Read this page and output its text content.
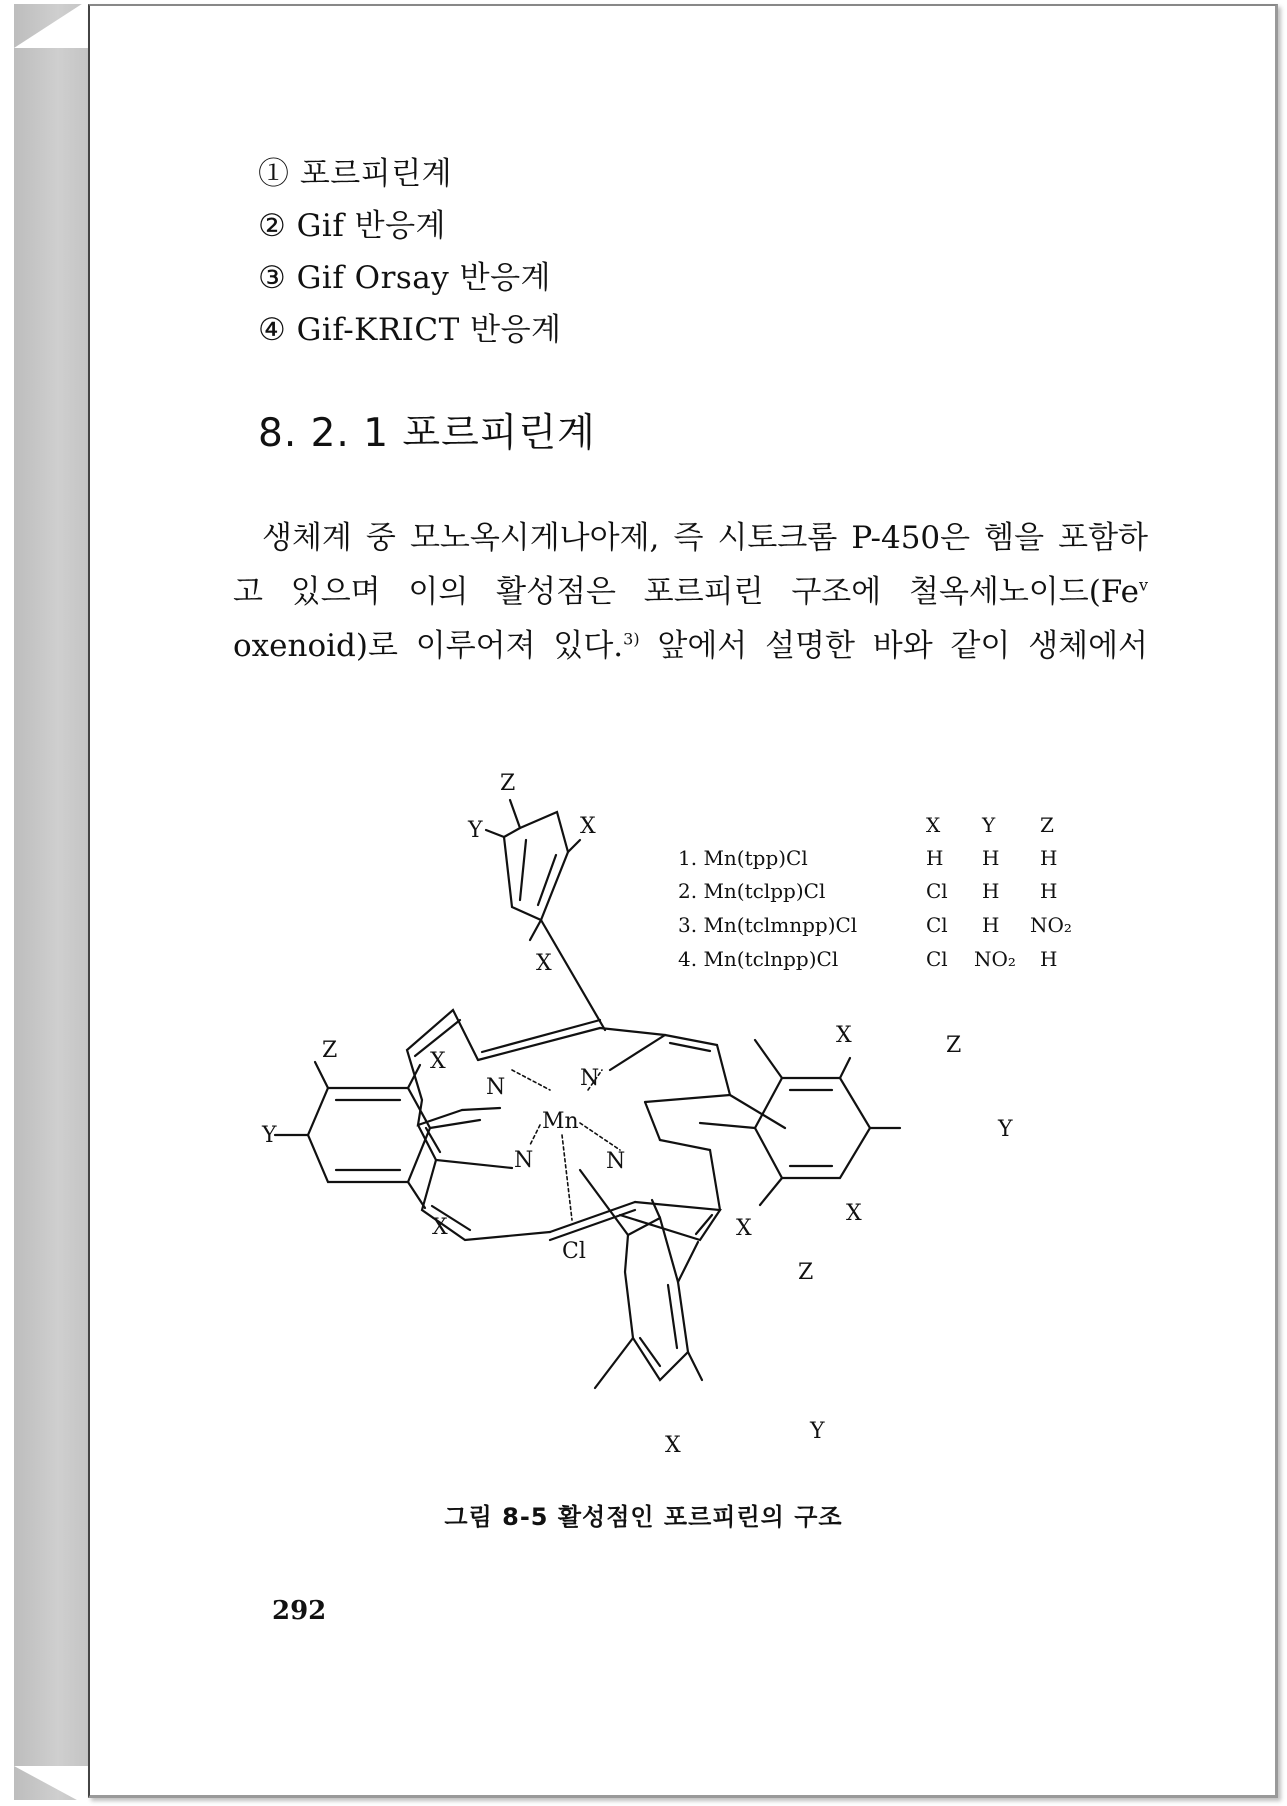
① 포르피린계
② Gif 반응계
③ Gif Orsay 반응계
④ Gif-KRICT 반응계
8. 2. 1 포르피린계
생체계 중 모노옥시게나아제, 즉 시토크롬 P-450은 헴을 포함하
고 있으며 이의 활성점은 포르피린 구조에 철옥세노이드(Fe$^v$
oxenoid)로 이루어져 있다.$^{3)}$ 앞에서 설명한 바와 같이 생체에서
Mn
N	N
N	N
Cl
Z
Y	X
X
Z	X
Y
X
X	Z
Y
X
X
Z
Y
X
X Y Z
1. Mn(tpp)Cl	H H H
2. Mn(tclpp)Cl	Cl H H
3. Mn(tclmnpp)Cl	Cl H NO₂
4. Mn(tclnpp)Cl	Cl NO₂ H
그림 8-5 활성점인 포르피린의 구조
292
